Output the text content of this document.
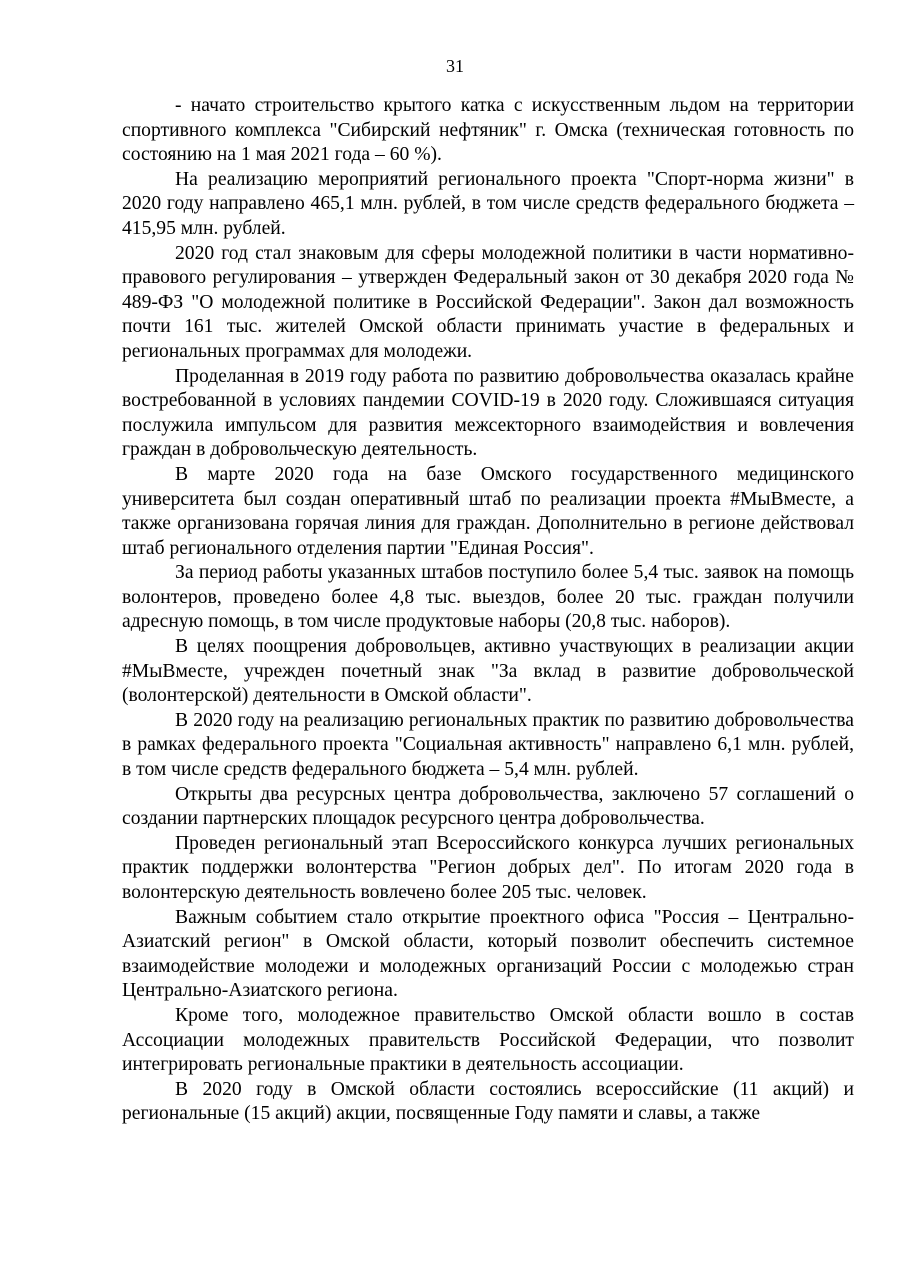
31

- начато строительство крытого катка с искусственным льдом на территории спортивного комплекса "Сибирский нефтяник" г. Омска (техническая готовность по состоянию на 1 мая 2021 года – 60 %).

На реализацию мероприятий регионального проекта "Спорт-норма жизни" в 2020 году направлено 465,1 млн. рублей, в том числе средств федерального бюджета – 415,95 млн. рублей.

2020 год стал знаковым для сферы молодежной политики в части нормативно-правового регулирования – утвержден Федеральный закон от 30 декабря 2020 года № 489-ФЗ "О молодежной политике в Российской Федерации". Закон дал возможность почти 161 тыс. жителей Омской области принимать участие в федеральных и региональных программах для молодежи.

Проделанная в 2019 году работа по развитию добровольчества оказалась крайне востребованной в условиях пандемии COVID-19 в 2020 году. Сложившаяся ситуация послужила импульсом для развития межсекторного взаимодействия и вовлечения граждан в добровольческую деятельность.

В марте 2020 года на базе Омского государственного медицинского университета был создан оперативный штаб по реализации проекта #МыВместе, а также организована горячая линия для граждан. Дополнительно в регионе действовал штаб регионального отделения партии "Единая Россия".

За период работы указанных штабов поступило более 5,4 тыс. заявок на помощь волонтеров, проведено более 4,8 тыс. выездов, более 20 тыс. граждан получили адресную помощь, в том числе продуктовые наборы (20,8 тыс. наборов).

В целях поощрения добровольцев, активно участвующих в реализации акции #МыВместе, учрежден почетный знак "За вклад в развитие добровольческой (волонтерской) деятельности в Омской области".

В 2020 году на реализацию региональных практик по развитию добровольчества в рамках федерального проекта "Социальная активность" направлено 6,1 млн. рублей, в том числе средств федерального бюджета – 5,4 млн. рублей.

Открыты два ресурсных центра добровольчества, заключено 57 соглашений о создании партнерских площадок ресурсного центра добровольчества.

Проведен региональный этап Всероссийского конкурса лучших региональных практик поддержки волонтерства "Регион добрых дел". По итогам 2020 года в волонтерскую деятельность вовлечено более 205 тыс. человек.

Важным событием стало открытие проектного офиса "Россия – Центрально-Азиатский регион" в Омской области, который позволит обеспечить системное взаимодействие молодежи и молодежных организаций России с молодежью стран Центрально-Азиатского региона.

Кроме того, молодежное правительство Омской области вошло в состав Ассоциации молодежных правительств Российской Федерации, что позволит интегрировать региональные практики в деятельность ассоциации.

В 2020 году в Омской области состоялись всероссийские (11 акций) и региональные (15 акций) акции, посвященные Году памяти и славы, а также
